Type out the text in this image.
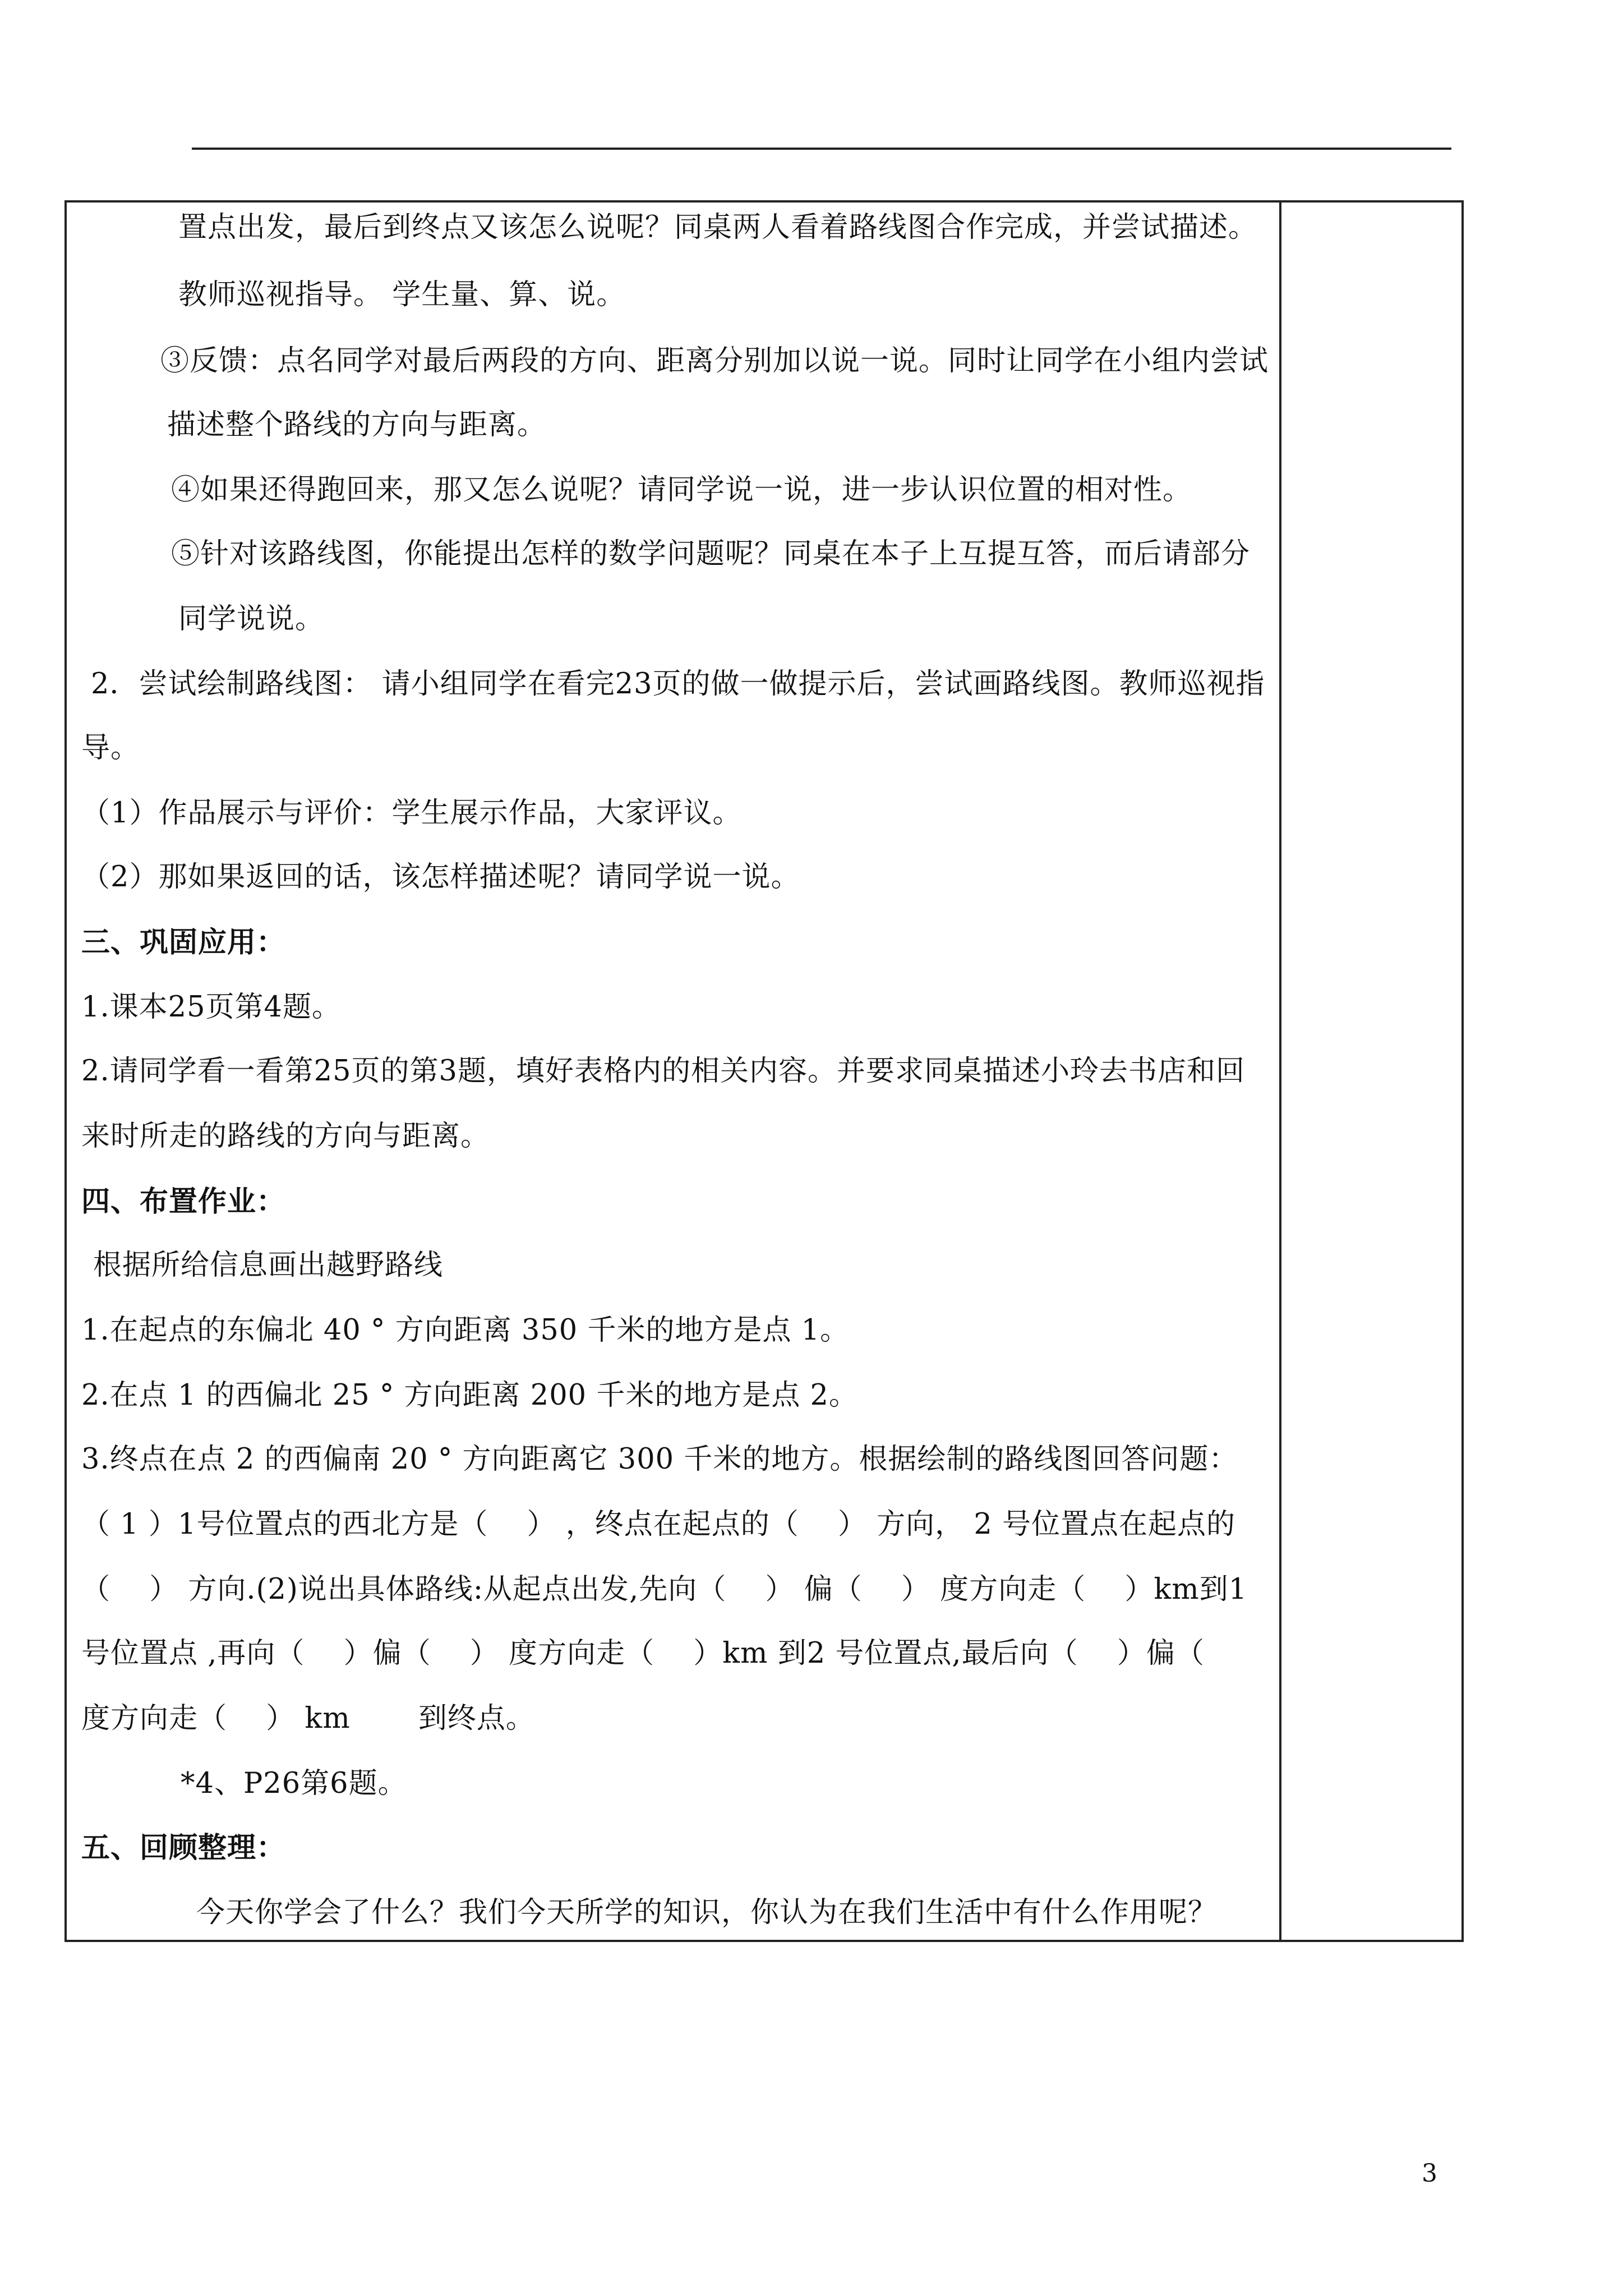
置点出发，最后到终点又该怎么说呢？同桌两人看着路线图合作完成，并尝试描述。
教师巡视指导。 学生量、算、说。
③反馈：点名同学对最后两段的方向、距离分别加以说一说。同时让同学在小组内尝试
描述整个路线的方向与距离。
④如果还得跑回来，那又怎么说呢？请同学说一说，进一步认识位置的相对性。
⑤针对该路线图，你能提出怎样的数学问题呢？同桌在本子上互提互答，而后请部分
同学说说。
2．尝试绘制路线图： 请小组同学在看完23页的做一做提示后，尝试画路线图。教师巡视指
导。
（1）作品展示与评价：学生展示作品，大家评议。
（2）那如果返回的话，该怎样描述呢？请同学说一说。
三、巩固应用：
1.课本25页第4题。
2.请同学看一看第25页的第3题，填好表格内的相关内容。并要求同桌描述小玲去书店和回
来时所走的路线的方向与距离。
四、布置作业：
根据所给信息画出越野路线
1.在起点的东偏北 40 ° 方向距离 350 千米的地方是点 1。
2.在点 1 的西偏北 25 ° 方向距离 200 千米的地方是点 2。
3.终点在点 2 的西偏南 20 ° 方向距离它 300 千米的地方。根据绘制的路线图回答问题：
（ 1 ）1号位置点的西北方是（　 ） ，终点在起点的（　 ） 方向， 2 号位置点在起点的
（　 ） 方向.(2)说出具体路线:从起点出发,先向（　 ） 偏（　 ） 度方向走（　 ）km到1
号位置点 ,再向（　 ）偏（　 ） 度方向走（　 ）km 到2 号位置点,最后向（　 ）偏（
度方向走（　 ） km　　 到终点。
*4、P26第6题。
五、回顾整理：
今天你学会了什么？我们今天所学的知识，你认为在我们生活中有什么作用呢？
3
